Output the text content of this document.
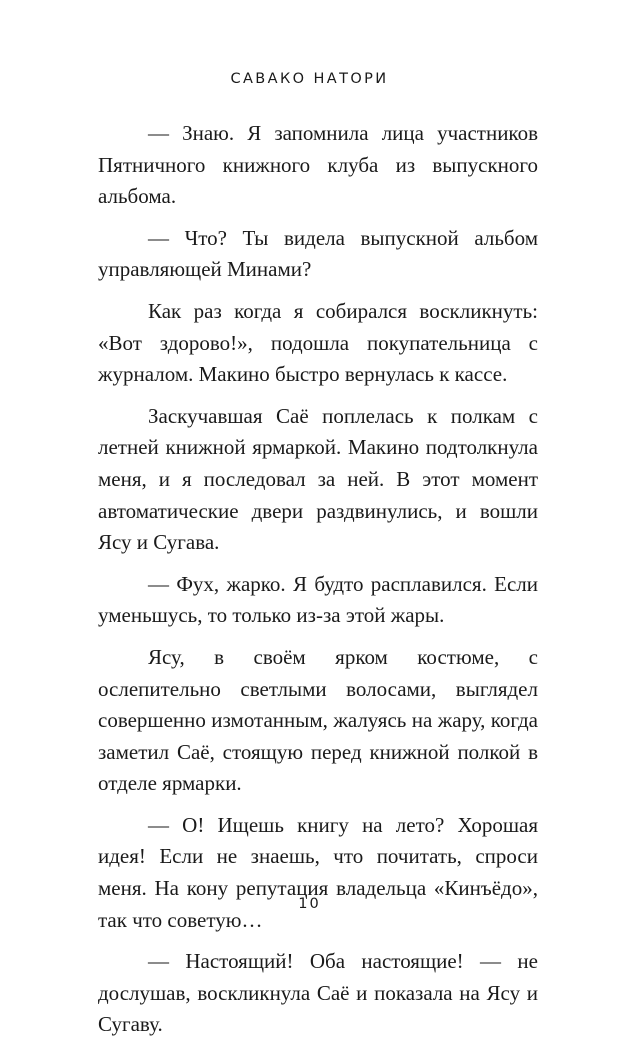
САВАКО НАТОРИ

— Знаю. Я запомнила лица участников Пятничного книжного клуба из выпускного альбома.

— Что? Ты видела выпускной альбом управляющей Минами?

Как раз когда я собирался воскликнуть: «Вот здорово!», подошла покупательница с журналом. Макино быстро вернулась к кассе.

Заскучавшая Саё поплелась к полкам с летней книжной ярмаркой. Макино подтолкнула меня, и я последовал за ней. В этот момент автоматические двери раздвинулись, и вошли Ясу и Сугава.

— Фух, жарко. Я будто расплавился. Если уменьшусь, то только из-за этой жары.

Ясу, в своём ярком костюме, с ослепительно светлыми волосами, выглядел совершенно измотанным, жалуясь на жару, когда заметил Саё, стоящую перед книжной полкой в отделе ярмарки.

— О! Ищешь книгу на лето? Хорошая идея! Если не знаешь, что почитать, спроси меня. На кону репутация владельца «Кинъёдо», так что советую…

— Настоящий! Оба настоящие! — не дослушав, воскликнула Саё и показала на Ясу и Сугаву.

10
